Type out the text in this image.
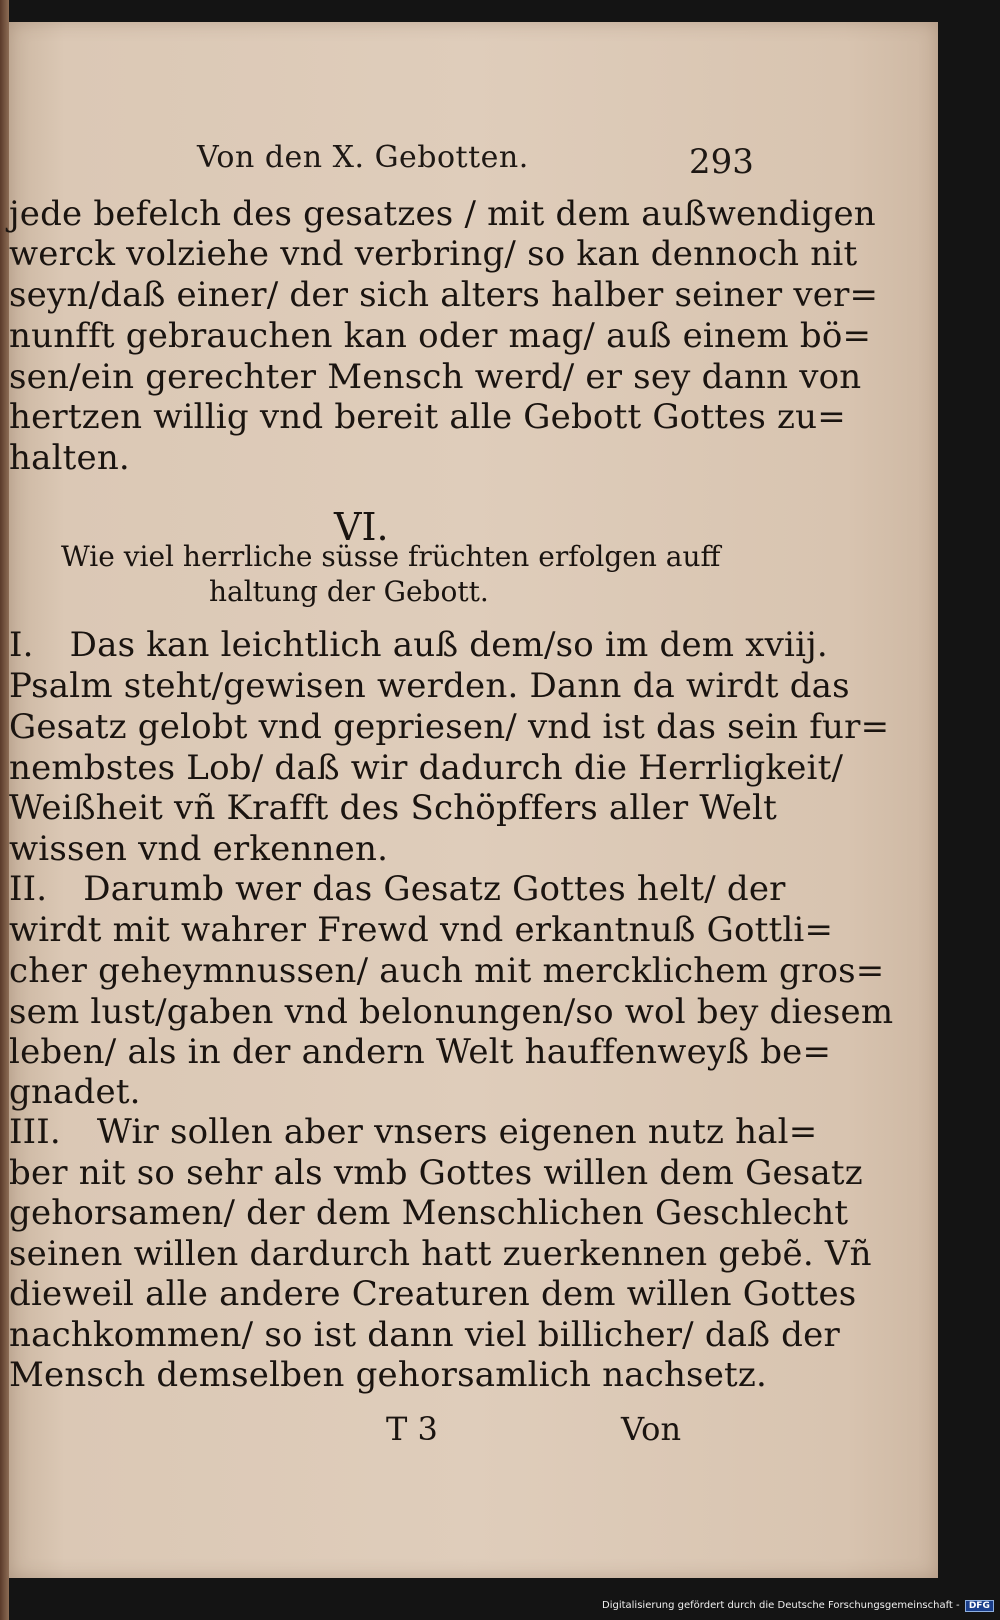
Von den X. Gebotten.	293
jede befelch des gesatzes / mit dem außwendigen
werck volziehe vnd verbring/ so kan dennoch nit
seyn/daß einer/ der sich alters halber seiner ver=
nunfft gebrauchen kan oder mag/ auß einem bö=
sen/ein gerechter Mensch werd/ er sey dann von
hertzen willig vnd bereit alle Gebott Gottes zu=
halten.
VI.
Wie viel herrliche süsse früchten erfolgen auff
haltung der Gebott.
I. Das kan leichtlich auß dem/so im dem xviij.
Psalm steht/gewisen werden. Dann da wirdt das
Gesatz gelobt vnd gepriesen/ vnd ist das sein fur=
nembstes Lob/ daß wir dadurch die Herrligkeit/
Weißheit vñ Krafft des Schöpffers aller Welt
wissen vnd erkennen.
II. Darumb wer das Gesatz Gottes helt/ der
wirdt mit wahrer Frewd vnd erkantnuß Gottli=
cher geheymnussen/ auch mit mercklichem gros=
sem lust/gaben vnd belonungen/so wol bey diesem
leben/ als in der andern Welt hauffenweyß be=
gnadet.
III. Wir sollen aber vnsers eigenen nutz hal=
ber nit so sehr als vmb Gottes willen dem Gesatz
gehorsamen/ der dem Menschlichen Geschlecht
seinen willen dardurch hatt zuerkennen gebẽ. Vñ
dieweil alle andere Creaturen dem willen Gottes
nachkommen/ so ist dann viel billicher/ daß der
Mensch demselben gehorsamlich nachsetz.
T 3	Von
Digitalisierung gefördert durch die Deutsche Forschungsgemeinschaft - DFG
